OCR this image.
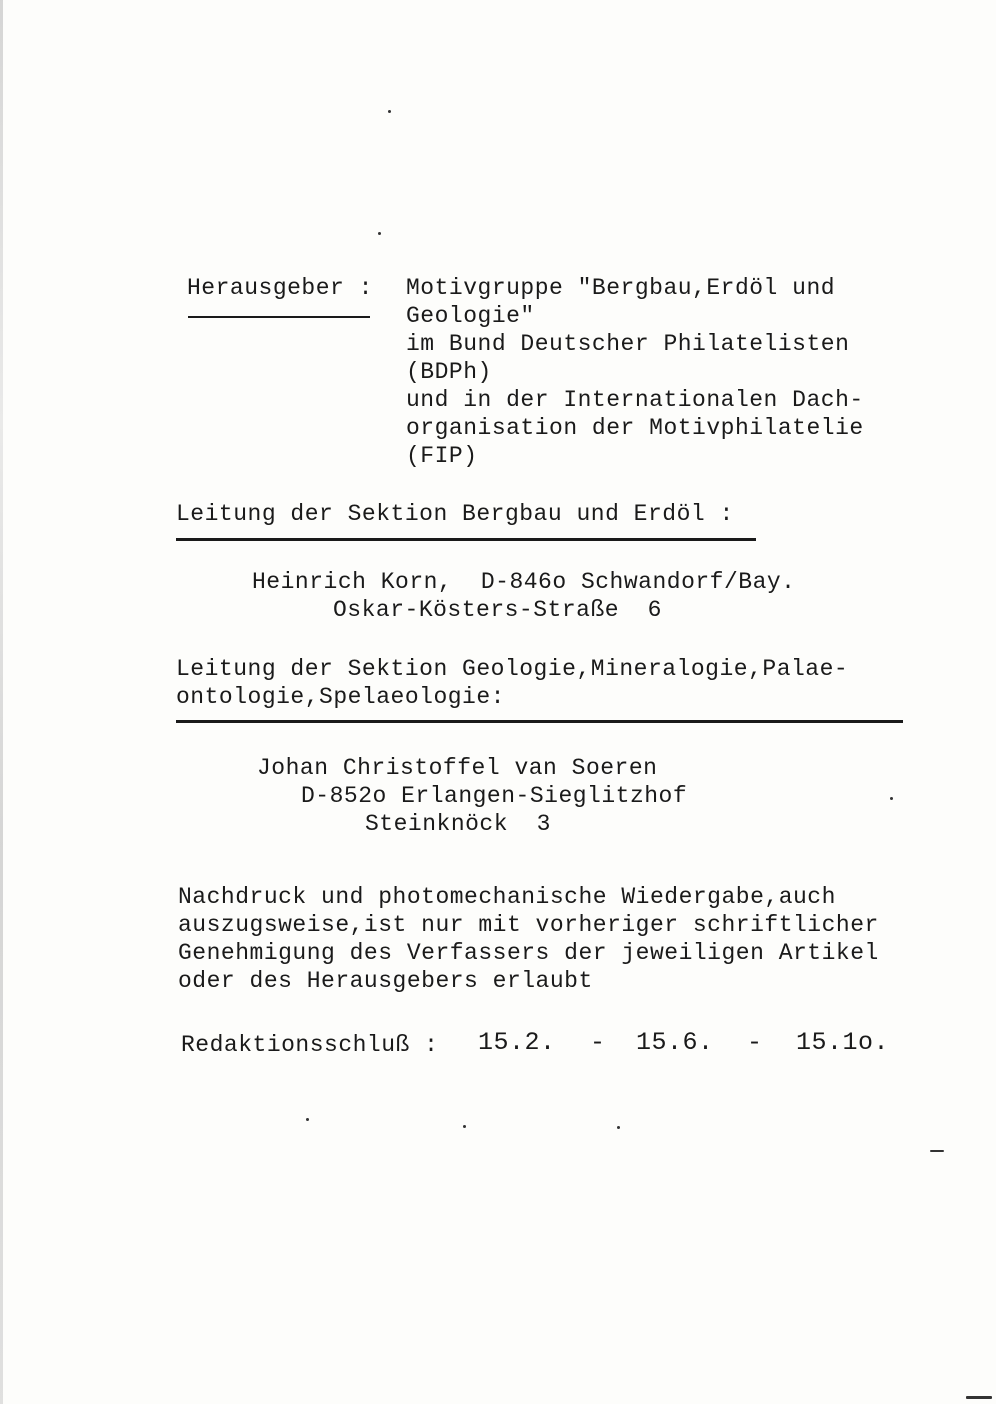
Herausgeber : Motivgruppe "Bergbau,Erdöl und
Geologie"
im Bund Deutscher Philatelisten
(BDPh)
und in der Internationalen Dach-
organisation der Motivphilatelie
(FIP)
Leitung der Sektion Bergbau und Erdöl :
Heinrich Korn,  D-846o Schwandorf/Bay.
Oskar-Kösters-Straße  6
Leitung der Sektion Geologie,Mineralogie,Palae-
ontologie,Spelaeologie:
Johan Christoffel van Soeren
D-852o Erlangen-Sieglitzhof
Steinknöck  3
Nachdruck und photomechanische Wiedergabe,auch
auszugsweise,ist nur mit vorheriger schriftlicher
Genehmigung des Verfassers der jeweiligen Artikel
oder des Herausgebers erlaubt
Redaktionsschluß : 15.2. - 15.6. - 15.1o.
